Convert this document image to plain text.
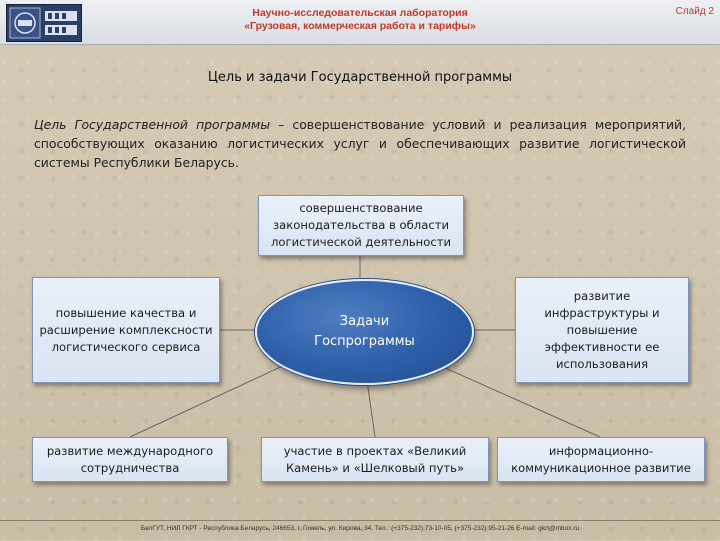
Научно-исследовательская лаборатория
«Грузовая, коммерческая работа и тарифы»
Слайд 2
Цель и задачи Государственной программы
Цель Государственной программы – совершенствование условий и реализация мероприятий, способствующих оказанию логистических услуг и обеспечивающих развитие логистической системы Республики Беларусь.
совершенствование законодательства в области логистической деятельности
повышение качества и расширение комплексности логистического сервиса
развитие инфраструктуры и повышение эффективности ее использования
Задачи Госпрограммы
развитие международного сотрудничества
участие в проектах «Великий Камень» и «Шелковый путь»
информационно-коммуникационное развитие
БелГУТ, НИЛ ГКРТ - Республика Беларусь, 246653, г. Гомель, ул. Кирова, 34. Тел.: (+375-232) 73-10-05, (+375-232) 95-21-26 E-mail: gkrt@mbox.ru
